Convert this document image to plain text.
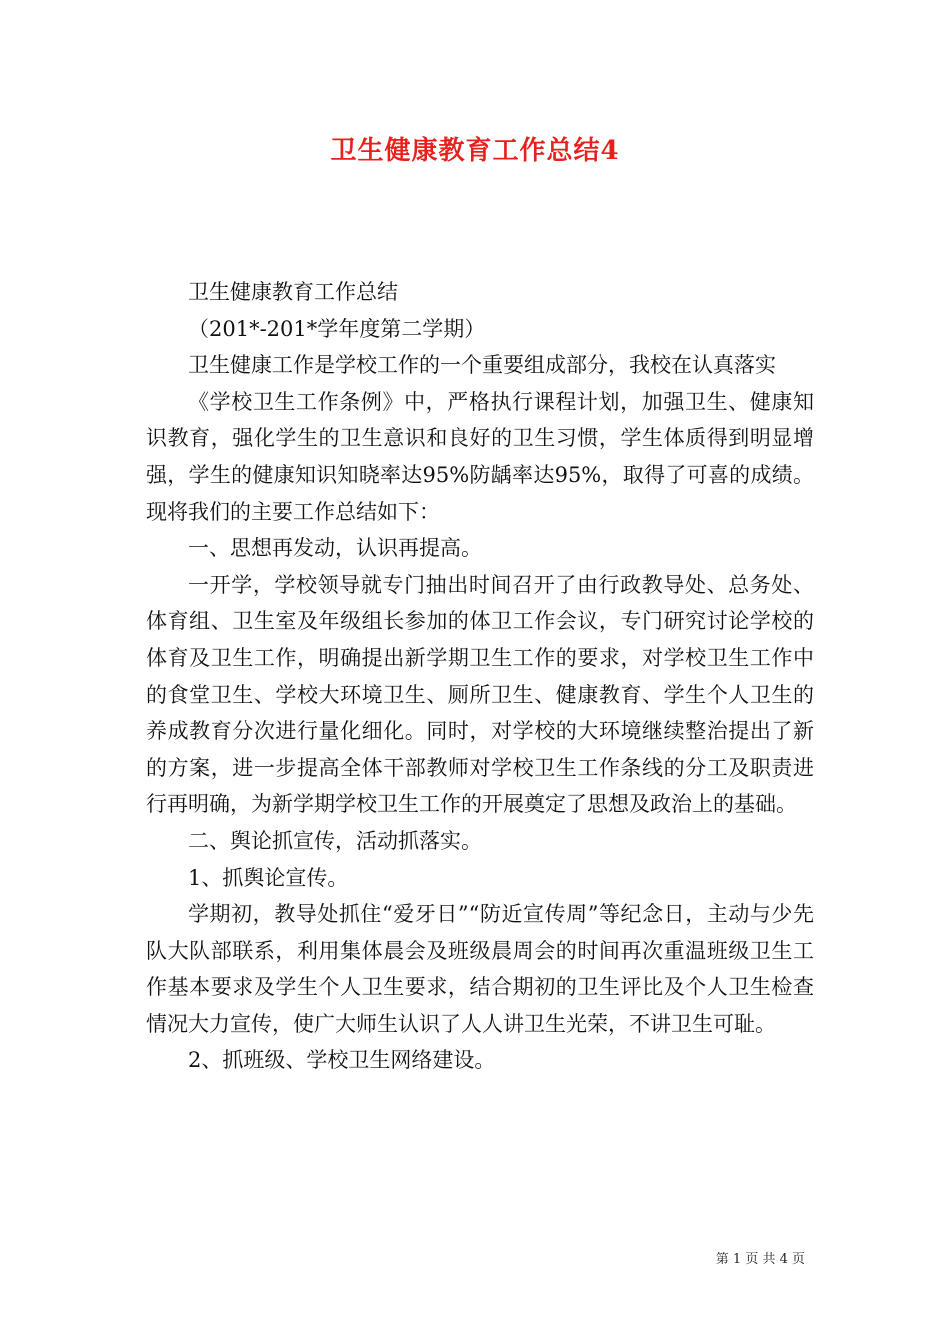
卫生健康教育工作总结4

卫生健康教育工作总结

（201*-201*学年度第二学期）

卫生健康工作是学校工作的一个重要组成部分，我校在认真落实

《学校卫生工作条例》中，严格执行课程计划，加强卫生、健康知识教育，强化学生的卫生意识和良好的卫生习惯，学生体质得到明显增强，学生的健康知识知晓率达95%防龋率达95%，取得了可喜的成绩。现将我们的主要工作总结如下：

一、思想再发动，认识再提高。

一开学，学校领导就专门抽出时间召开了由行政教导处、总务处、体育组、卫生室及年级组长参加的体卫工作会议，专门研究讨论学校的体育及卫生工作，明确提出新学期卫生工作的要求，对学校卫生工作中的食堂卫生、学校大环境卫生、厕所卫生、健康教育、学生个人卫生的养成教育分次进行量化细化。同时，对学校的大环境继续整治提出了新的方案，进一步提高全体干部教师对学校卫生工作条线的分工及职责进行再明确，为新学期学校卫生工作的开展奠定了思想及政治上的基础。

二、舆论抓宣传，活动抓落实。

1、抓舆论宣传。

学期初，教导处抓住“爱牙日”“防近宣传周”等纪念日，主动与少先队大队部联系，利用集体晨会及班级晨周会的时间再次重温班级卫生工作基本要求及学生个人卫生要求，结合期初的卫生评比及个人卫生检查情况大力宣传，使广大师生认识了人人讲卫生光荣，不讲卫生可耻。

2、抓班级、学校卫生网络建设。

第 1 页 共 4 页
